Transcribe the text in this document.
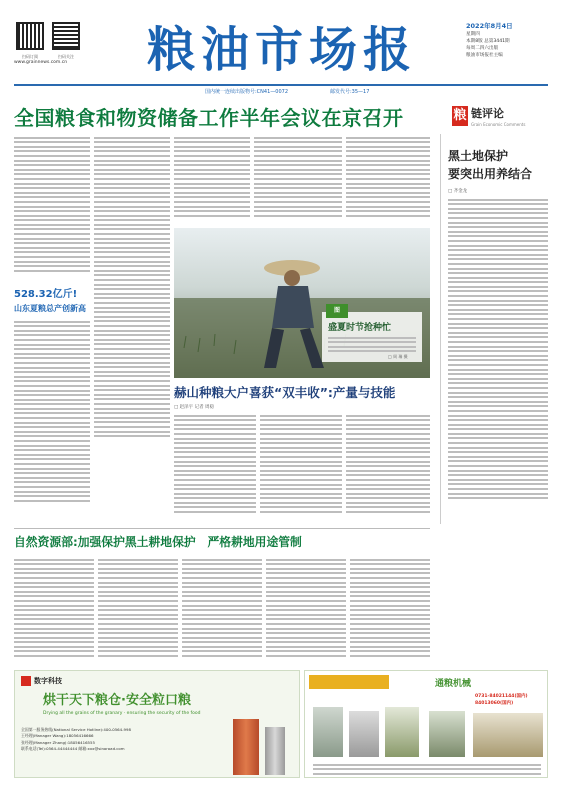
扫码订阅	扫码关注
www.grainnews.com.cn	粮油市场报	2022年8月4日
星期四
本期8版 总第3441期
每周二四六出版
粮油市场报社主编
国内统一连续出版物号:CN41—0072	邮发代号:35—17
全国粮食和物资储备工作半年会议在京召开	粮 链评论
Grain Economic Comments
528.32亿斤!
山东夏粮总产创新高	图
盛夏时节抢种忙
□ 周 瑞 摄
赫山种粮大户喜获“双丰收”:产量与技能
□ 赵泽宇 记者 周稳
黑土地保护
要突出用养结合
□ 齐金龙
自然资源部:加强保护黑土耕地保护　严格耕地用途管制
数字科技
烘干天下粮仓·安全粒口粮
Drying all the grains of the granary · ensuring the security of the food
全国第一服务热线(National Service Hotline):400-0564-998
王经理(Manager Wang):18056416666
张经理(Manager Zhang):18056416555
联系电话(Tel):0564-44444444 邮箱:xxx@sinoroad.com
通粮机械
0731-84021144(国内)
84013060(国内)
